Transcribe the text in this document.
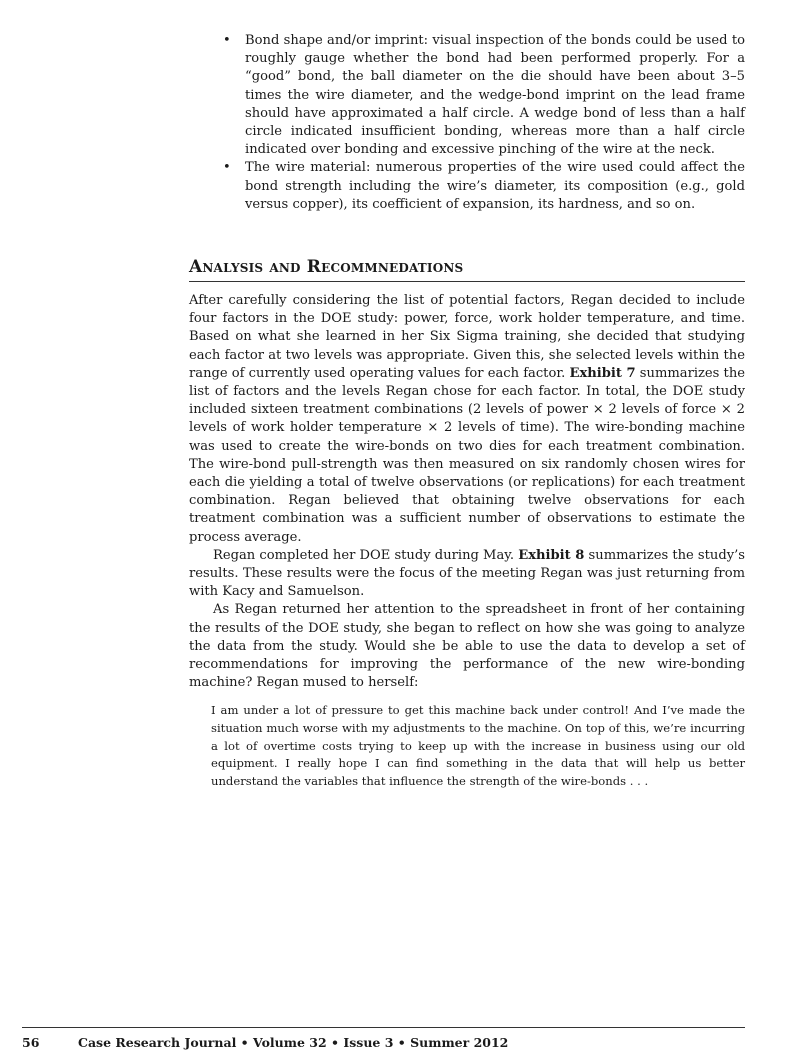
• Bond shape and/or imprint: visual inspection of the bonds could be used to roughly gauge whether the bond had been performed properly. For a “good” bond, the ball diameter on the die should have been about 3–5 times the wire diameter, and the wedge-bond imprint on the lead frame should have approximated a half circle. A wedge bond of less than a half circle indicated insufficient bonding, whereas more than a half circle indicated over bonding and excessive pinching of the wire at the neck.
• The wire material: numerous properties of the wire used could affect the bond strength including the wire’s diameter, its composition (e.g., gold versus copper), its coefficient of expansion, its hardness, and so on.
Analysis and Recommnedations

After carefully considering the list of potential factors, Regan decided to include four factors in the DOE study: power, force, work holder temperature, and time. Based on what she learned in her Six Sigma training, she decided that studying each factor at two levels was appropriate. Given this, she selected levels within the range of currently used operating values for each factor. Exhibit 7 summarizes the list of factors and the levels Regan chose for each factor. In total, the DOE study included sixteen treatment combinations (2 levels of power × 2 levels of force × 2 levels of work holder temperature × 2 levels of time). The wire-bonding machine was used to create the wire-bonds on two dies for each treatment combination. The wire-bond pull-strength was then measured on six randomly chosen wires for each die yielding a total of twelve observations (or replications) for each treatment combination. Regan believed that obtaining twelve observations for each treatment combination was a sufficient number of observations to estimate the process average.

Regan completed her DOE study during May. Exhibit 8 summarizes the study’s results. These results were the focus of the meeting Regan was just returning from with Kacy and Samuelson.

As Regan returned her attention to the spreadsheet in front of her containing the results of the DOE study, she began to reflect on how she was going to analyze the data from the study. Would she be able to use the data to develop a set of recommendations for improving the performance of the new wire-bonding machine? Regan mused to herself:

I am under a lot of pressure to get this machine back under control! And I’ve made the situation much worse with my adjustments to the machine. On top of this, we’re incurring a lot of overtime costs trying to keep up with the increase in business using our old equipment. I really hope I can find something in the data that will help us better understand the variables that influence the strength of the wire-bonds . . .
56	Case Research Journal • Volume 32 • Issue 3 • Summer 2012
